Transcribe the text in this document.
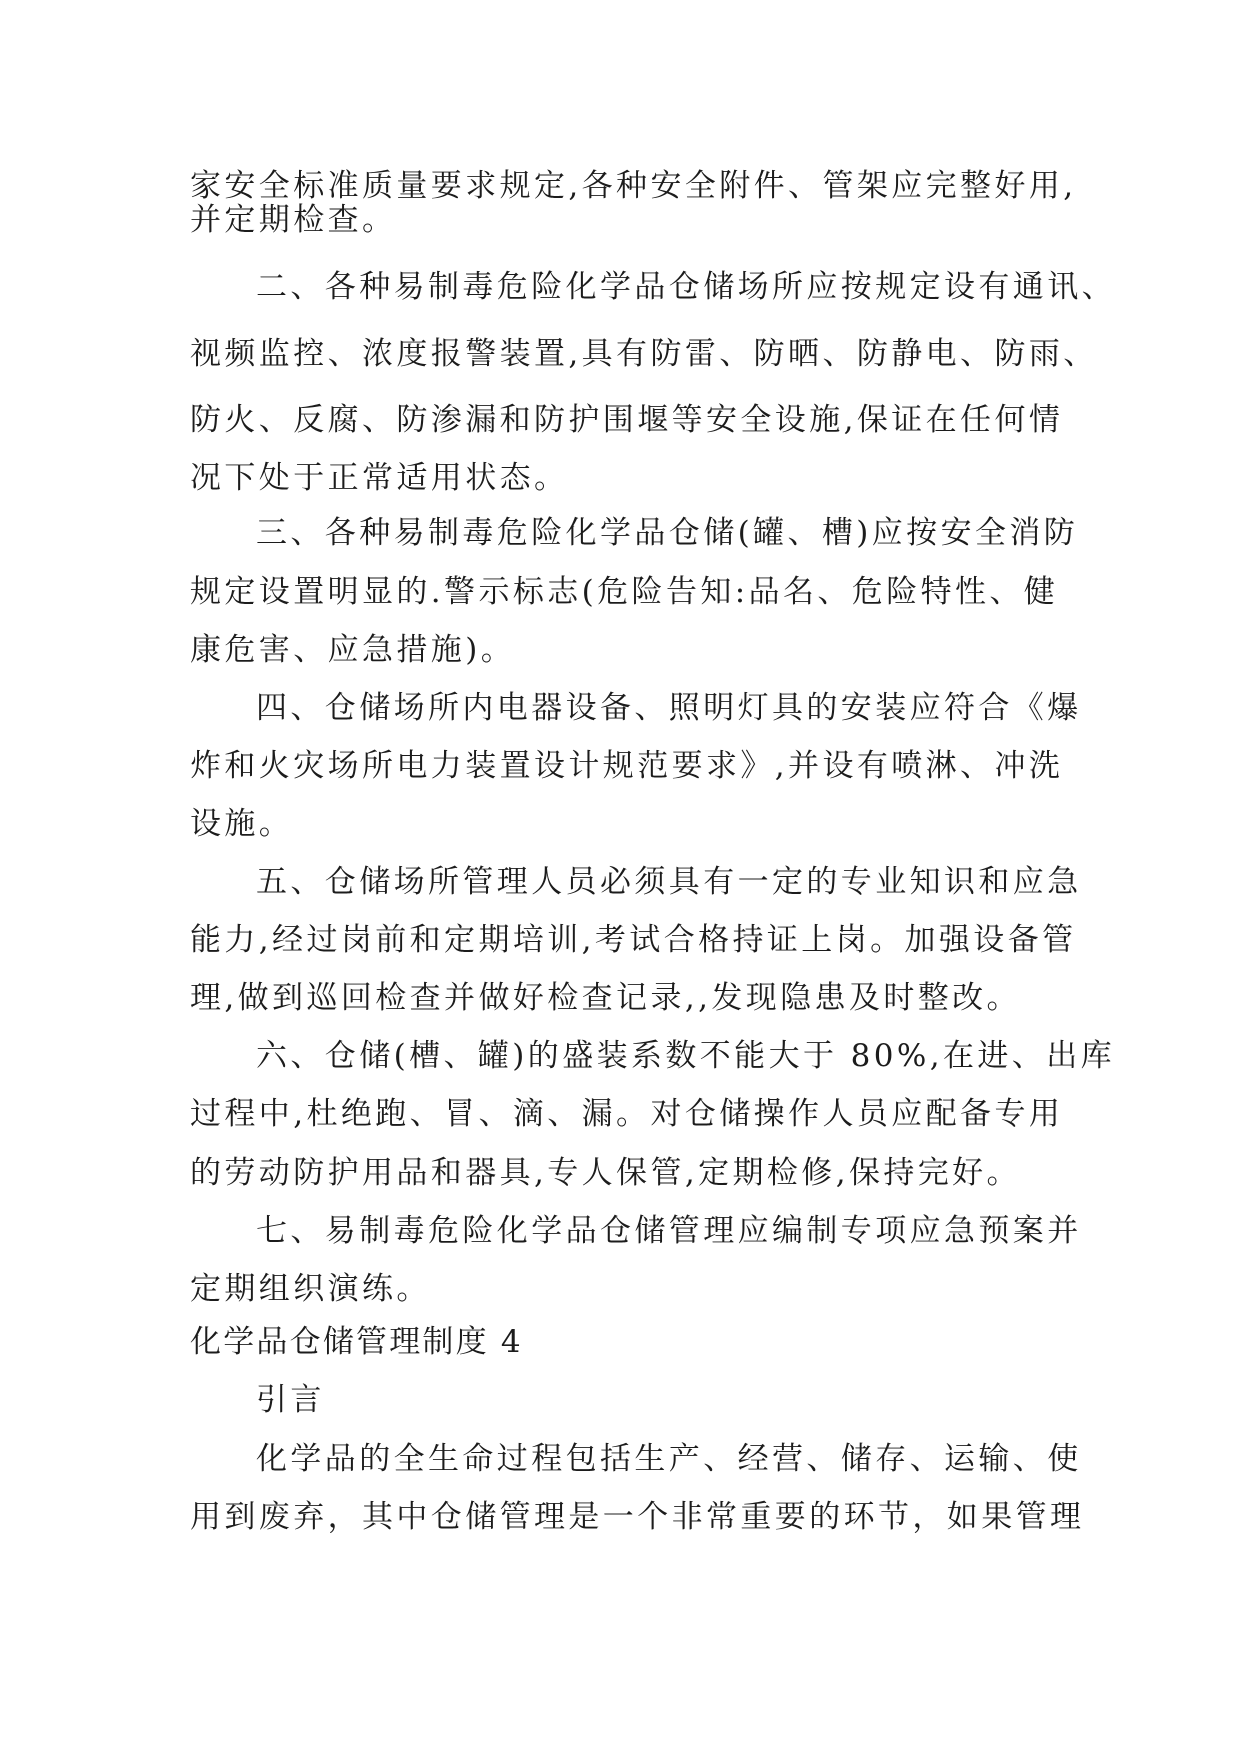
家安全标准质量要求规定,各种安全附件、管架应完整好用,

并定期检查。

二、各种易制毒危险化学品仓储场所应按规定设有通讯、

视频监控、浓度报警装置,具有防雷、防晒、防静电、防雨、

防火、反腐、防渗漏和防护围堰等安全设施,保证在任何情

况下处于正常适用状态。

三、各种易制毒危险化学品仓储(罐、槽)应按安全消防

规定设置明显的.警示标志(危险告知:品名、危险特性、健

康危害、应急措施)。

四、仓储场所内电器设备、照明灯具的安装应符合《爆

炸和火灾场所电力装置设计规范要求》,并设有喷淋、冲洗

设施。

五、仓储场所管理人员必须具有一定的专业知识和应急

能力,经过岗前和定期培训,考试合格持证上岗。加强设备管

理,做到巡回检查并做好检查记录,,发现隐患及时整改。

六、仓储(槽、罐)的盛装系数不能大于 80%,在进、出库

过程中,杜绝跑、冒、滴、漏。对仓储操作人员应配备专用

的劳动防护用品和器具,专人保管,定期检修,保持完好。

七、易制毒危险化学品仓储管理应编制专项应急预案并

定期组织演练。

化学品仓储管理制度 4

引言

化学品的全生命过程包括生产、经营、储存、运输、使

用到废弃，其中仓储管理是一个非常重要的环节，如果管理
